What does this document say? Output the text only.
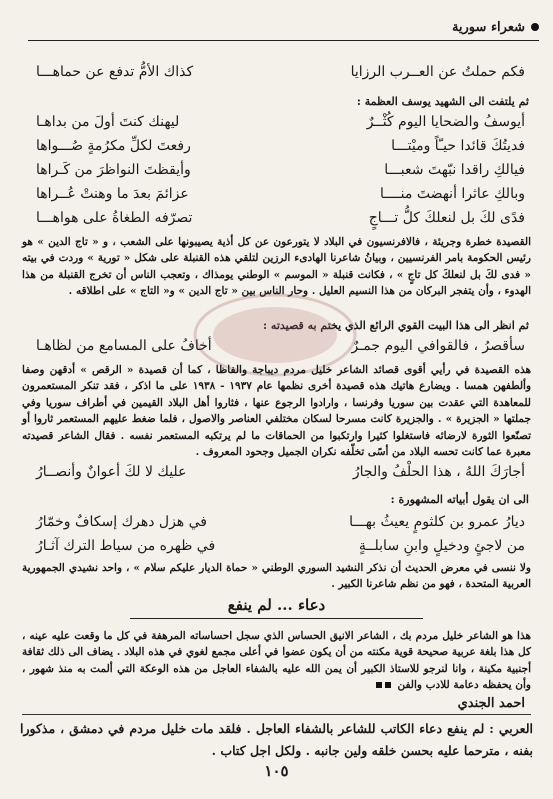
شعراء سورية
فكم حملتُ عن العــرب الرزايا
كذاك الأمُّ تدفع عن حماهـــا
ثم يلتفت الى الشهيد يوسف العظمة :
أيوسفُ والضحايا اليوم كُثْــرٌ
ليهنك كنتَ أولَ من بداهـا
فديتُكَ قائدا حيـّاً وميْتـــا
رفعتَ لكلِّ مكرُمةٍ صُـــواها
فيالكِ راقدا نبّهتَ شعبـــا
وأيقظتَ النواظرَ من كَـراها
وبالكِ عاثرا أنهضتَ منــــا
عزائمَ بعدَ ما وهنتْ عُــراها
فدًى لكَ بل لنعلكَ كلُّ تـــاجٍ
تصرّفه الطغاةُ على هواهـــا
القصيدة خطرة وجريئة ، فالافرنسيون في البلاد لا يتورعون عن كل أذية يصيبونها على الشعب ، و « تاج الدين » هو رئيس الحكومة بامر الفرنسيين ، وبيانُ شاعرنا الهادىء الرزين لتلقي هذه القنبلة على شكل « تورية » وردت في بيته « فدى لكَ بل لنعلكَ كل تاجٍ » ، فكانت قنبلة « الموسم » الوطني يومذاك ، وتعجب الناس أن تخرج القنبلة من هذا الهدوء ، وأن يتفجر البركان من هذا النسيم العليل . وحار الناس بين « تاج الدين » و« التاج » على اطلاقه .
ثم انظر الى هذا البيت القوي الرائع الذي يختم به قصيدته :
سأقصرُ ، فالقوافي اليوم جمـرٌ
أخافُ على المسامع من لظاهـا
هذه القصيدة في رأيي أقوى قصائد الشاعر خليل مردم ديباجة والفاظا ، كما أن قصيدة « الرقص » أدقهن وصفا وألطفهن همسا . ويضارع هاتيك هذه قصيدة أخرى نظمها عام ١٩٣٧ - ١٩٣٨ على ما اذكر ، فقد تنكر المستعمرون للمعاهدة التي عقدت بين سوريا وفرنسا ، وارادوا الرجوع عنها ، فثاروا أهل البلاد القيمين في أطراف سوريا وفي جملتها « الجزيرة » . والجزيرة كانت مسرحا لسكان مختلفي العناصر والاصول ، فلما ضغط عليهم المستعمر ثاروا أو تصنّعوا الثورة لارضائه فاستغلوا كثيرا وارتكبوا من الحماقات ما لم يرتكبه المستعمر نفسه . فقال الشاعر قصيدته معبرة عما كانت تحسه البلاد من أسًى تخلّفه نكران الجميل وجحود المعروف .
أجارَكَ اللهُ ، هذا الحلْفُ والجارُ
عليك لا لكَ أعوانٌ وأنصــارُ
الى ان يقول أبياته المشهورة :
ديارُ عمرو بن كلثومٍ يعيثُ بهـــا
في هزل دهرك إسكافٌ وخمّارُ
من لاجئٍ ودخيلٍ وابنِ سابلــةٍ
في ظهره من سياط الترك آثـارُ
ولا ننسى في معرض الحديث أن نذكر النشيد السوري الوطني « حماة الديار عليكم سلام » ، واحد نشيدي الجمهورية العربية المتحدة ، فهو من نظم شاعرنا الكبير .
دعاء ... لم ينفع
هذا هو الشاعر خليل مردم بك ، الشاعر الانيق الحساس الذي سجل احساساته المرهفة في كل ما وقعت عليه عينه ، كل هذا بلغة عربية صحيحة قوية مكنته من أن يكون عضوا في أعلى مجمع لغوي في هذه البلاد . يضاف الى ذلك ثقافة أجنبية مكينة ، وانا لنرجو للاستاذ الكبير أن يمن الله عليه بالشفاء العاجل من هذه الوعكة التي ألمت به منذ شهور ، وأن يحفظه دعامة للادب والفن
احمد الجندي
العربي : لم ينفع دعاء الكاتب للشاعر بالشفاء العاجل . فلقد مات خليل مردم في دمشق ، مذكورا بفنه ، مترحما عليه بحسن خلقه ولين جانبه . ولكل اجل كتاب .
١٠٥
